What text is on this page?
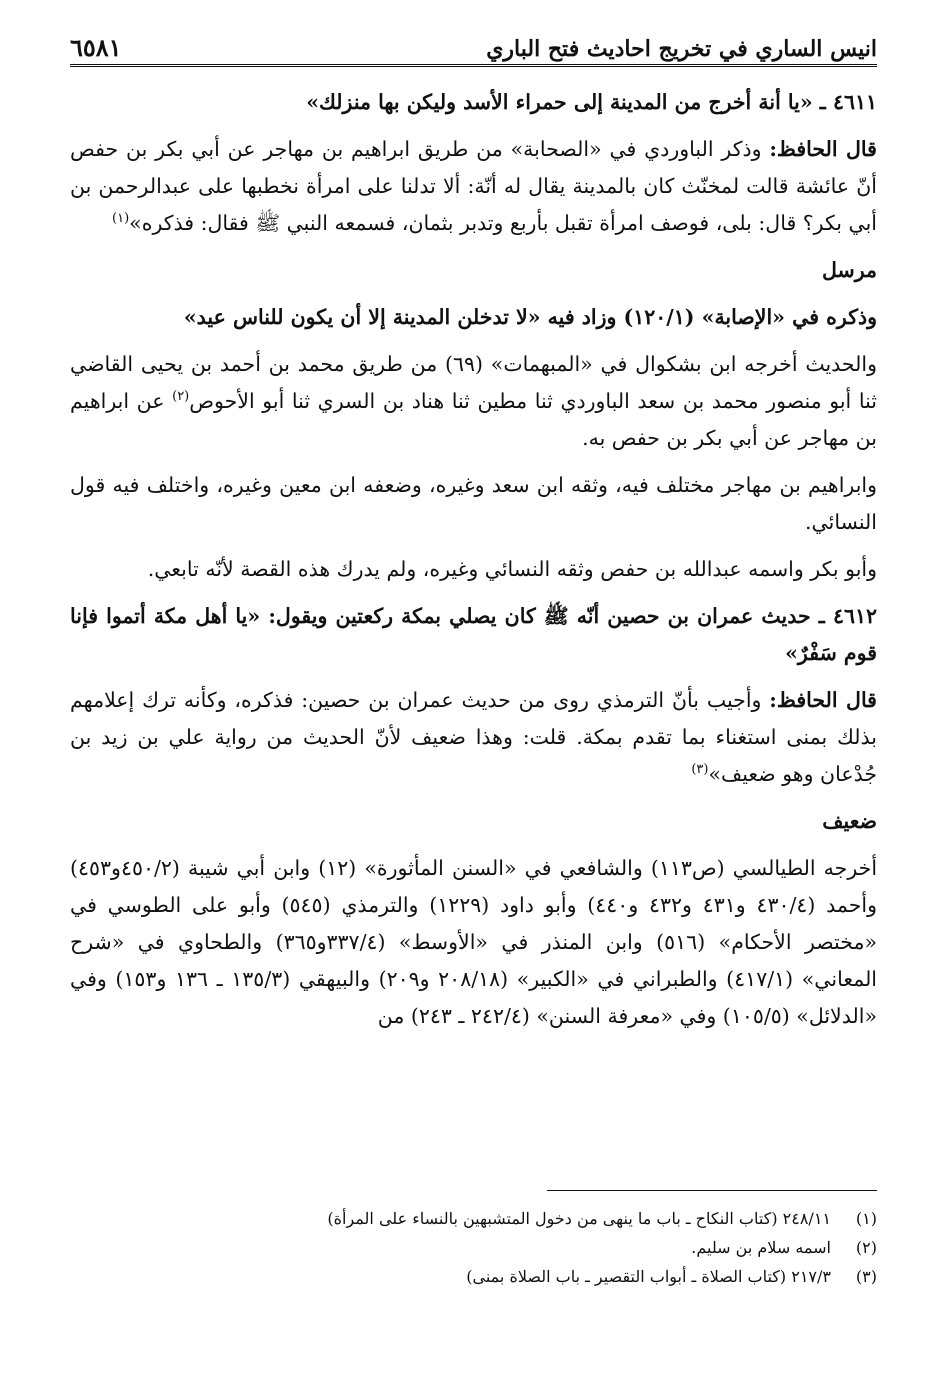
انيس الساري في تخريج احاديث فتح الباري
٦٥٨١

٤٦١١ ـ «يا أنة أخرج من المدينة إلى حمراء الأسد وليكن بها منزلك»

قال الحافظ: وذكر الباوردي في «الصحابة» من طريق ابراهيم بن مهاجر عن أبي بكر بن حفص أنّ عائشة قالت لمخنّث كان بالمدينة يقال له أنّة: ألا تدلنا على امرأة نخطبها على عبدالرحمن بن أبي بكر؟ قال: بلى، فوصف امرأة تقبل بأربع وتدبر بثمان، فسمعه النبي ﷺ فقال: فذكره»$^{(١)}$

مرسل

وذكره في «الإصابة» (١٢٠/١) وزاد فيه «لا تدخلن المدينة إلا أن يكون للناس عيد»

والحديث أخرجه ابن بشكوال في «المبهمات» (٦٩) من طريق محمد بن أحمد بن يحيى القاضي ثنا أبو منصور محمد بن سعد الباوردي ثنا مطين ثنا هناد بن السري ثنا أبو الأحوص$^{(٢)}$ عن ابراهيم بن مهاجر عن أبي بكر بن حفص به.

وابراهيم بن مهاجر مختلف فيه، وثقه ابن سعد وغيره، وضعفه ابن معين وغيره، واختلف فيه قول النسائي.

وأبو بكر واسمه عبدالله بن حفص وثقه النسائي وغيره، ولم يدرك هذه القصة لأنّه تابعي.

٤٦١٢ ـ حديث عمران بن حصين أنّه ﷺ كان يصلي بمكة ركعتين ويقول: «يا أهل مكة أتموا فإنا قوم سَفْرٌ»

قال الحافظ: وأجيب بأنّ الترمذي روى من حديث عمران بن حصين: فذكره، وكأنه ترك إعلامهم بذلك بمنى استغناء بما تقدم بمكة. قلت: وهذا ضعيف لأنّ الحديث من رواية علي بن زيد بن جُدْعان وهو ضعيف»$^{(٣)}$

ضعيف

أخرجه الطيالسي (ص١١٣) والشافعي في «السنن المأثورة» (١٢) وابن أبي شيبة (٤٥٠/٢و٤٥٣) وأحمد (٤٣٠/٤ و٤٣١ و٤٣٢ و٤٤٠) وأبو داود (١٢٢٩) والترمذي (٥٤٥) وأبو على الطوسي في «مختصر الأحكام» (٥١٦) وابن المنذر في «الأوسط» (٣٣٧/٤و٣٦٥) والطحاوي في «شرح المعاني» (٤١٧/١) والطبراني في «الكبير» (٢٠٨/١٨ و٢٠٩) والبيهقي (١٣٥/٣ ـ ١٣٦ و١٥٣) وفي «الدلائل» (١٠٥/٥) وفي «معرفة السنن» (٢٤٢/٤ ـ ٢٤٣) من

(١)
٢٤٨/١١ (كتاب النكاح ـ باب ما ينهى من دخول المتشبهين بالنساء على المرأة)
(٢)
اسمه سلام بن سليم.
(٣)
٢١٧/٣ (كتاب الصلاة ـ أبواب التقصير ـ باب الصلاة بمنى)
